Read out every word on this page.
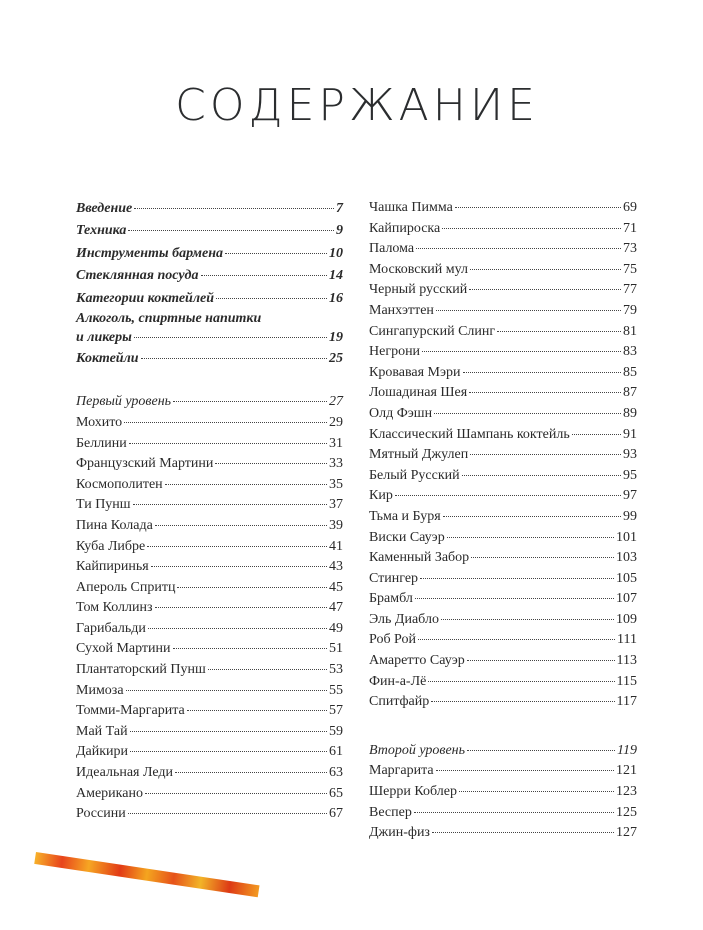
СОДЕРЖАНИЕ
Введение	7
Техника	9
Инструменты бармена	10
Стеклянная посуда	14
Категории коктейлей	16
Алкоголь, спиртные напитки
и ликеры	19
Коктейли	25
Первый уровень	27
Мохито	29
Беллини	31
Французский Мартини	33
Космополитен	35
Ти Пунш	37
Пина Колада	39
Куба Либре	41
Кайпиринья	43
Апероль Спритц	45
Том Коллинз	47
Гарибальди	49
Сухой Мартини	51
Плантаторский Пунш	53
Мимоза	55
Томми-Маргарита	57
Май Тай	59
Дайкири	61
Идеальная Леди	63
Американо	65
Россини	67
Чашка Пимма	69
Кайпироска	71
Палома	73
Московский мул	75
Черный русский	77
Манхэттен	79
Сингапурский Слинг	81
Негрони	83
Кровавая Мэри	85
Лошадиная Шея	87
Олд Фэшн	89
Классический Шампань коктейль	91
Мятный Джулеп	93
Белый Русский	95
Кир	97
Тьма и Буря	99
Виски Сауэр	101
Каменный Забор	103
Стингер	105
Брамбл	107
Эль Диабло	109
Роб Рой	111
Амаретто Сауэр	113
Фин-а-Лё	115
Спитфайр	117
Второй уровень	119
Маргарита	121
Шерри Коблер	123
Веспер	125
Джин-физ	127
